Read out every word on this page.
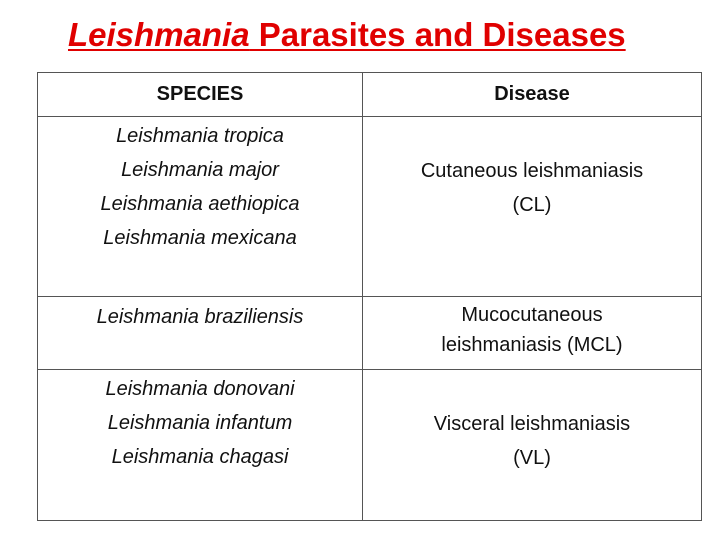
Leishmania Parasites and Diseases
SPECIES	Disease

Leishmania tropica
Leishmania major
Leishmania aethiopica
Leishmania mexicana	Cutaneous leishmaniasis
(CL)

Leishmania braziliensis	Mucocutaneous
leishmaniasis (MCL)

Leishmania donovani
Leishmania infantum
Leishmania chagasi	Visceral leishmaniasis
(VL)
